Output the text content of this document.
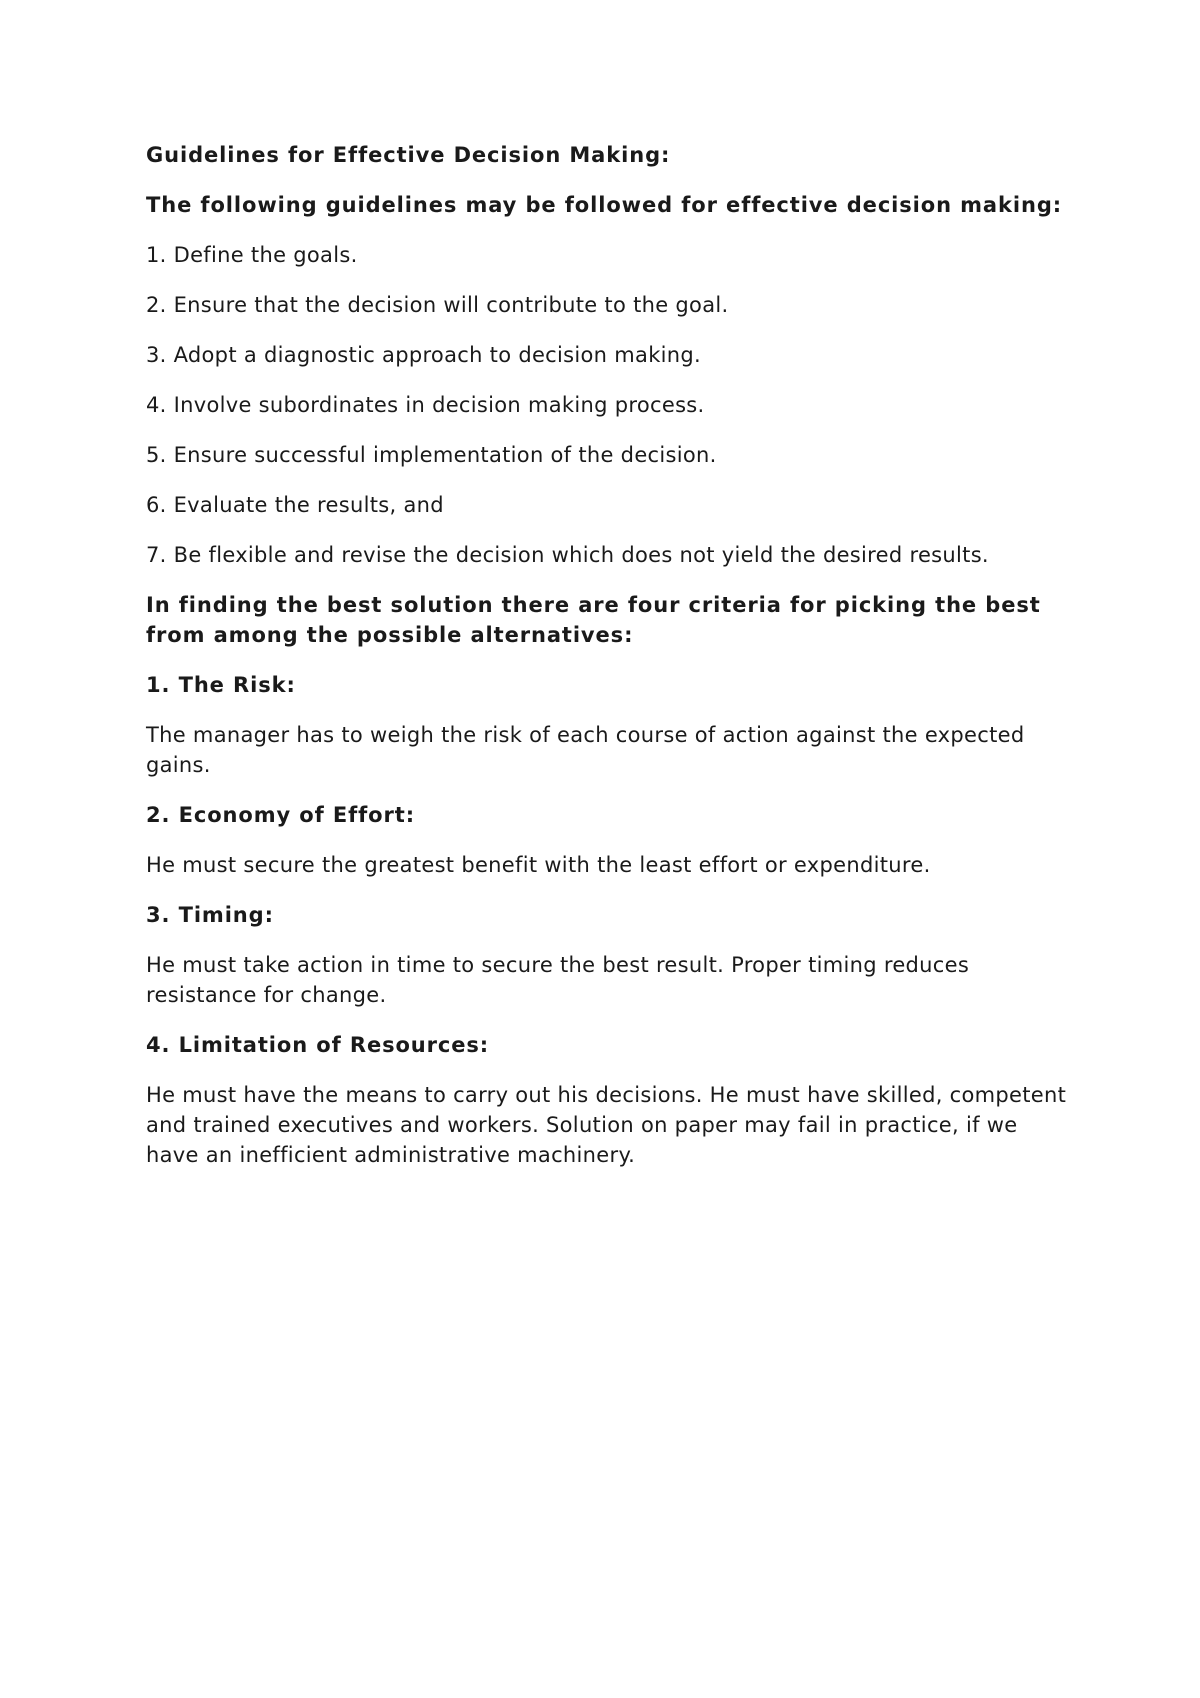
Guidelines for Effective Decision Making:

The following guidelines may be followed for effective decision making:

1. Define the goals.

2. Ensure that the decision will contribute to the goal.

3. Adopt a diagnostic approach to decision making.

4. Involve subordinates in decision making process.

5. Ensure successful implementation of the decision.

6. Evaluate the results, and

7. Be flexible and revise the decision which does not yield the desired results.

In finding the best solution there are four criteria for picking the best from among the possible alternatives:

1. The Risk:

The manager has to weigh the risk of each course of action against the expected gains.

2. Economy of Effort:

He must secure the greatest benefit with the least effort or expenditure.

3. Timing:

He must take action in time to secure the best result. Proper timing reduces resistance for change.

4. Limitation of Resources:

He must have the means to carry out his decisions. He must have skilled, competent and trained executives and workers. Solution on paper may fail in practice, if we have an inefficient administrative machinery.
